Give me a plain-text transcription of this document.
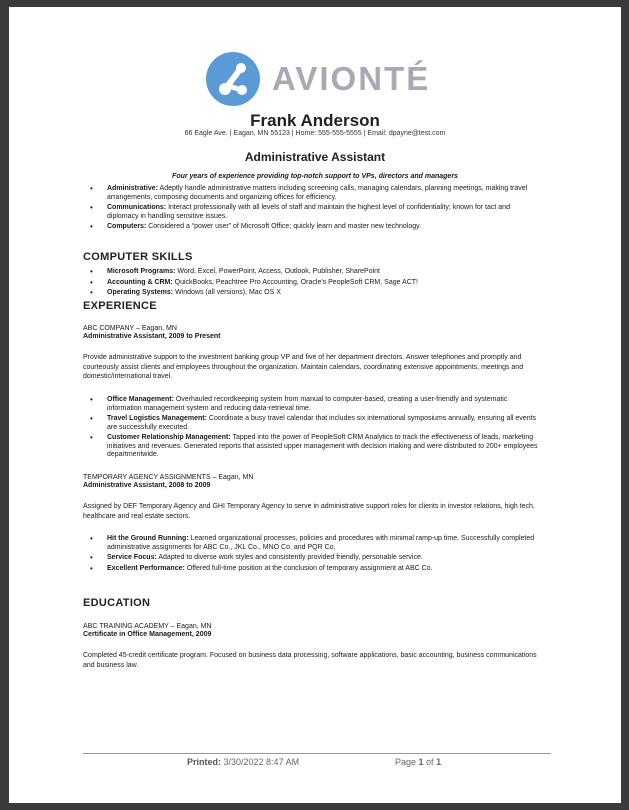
AVIONTÉ
Frank Anderson
66 Eagle Ave. | Eagan, MN 55123 | Home: 555-555-5555 | Email: dpayne@test.com
Administrative Assistant
Four years of experience providing top-notch support to VPs, directors and managers
• Administrative: Adeptly handle administrative matters including screening calls, managing calendars, planning meetings, making travel arrangements, composing documents and organizing offices for efficiency.
• Communications: Interact professionally with all levels of staff and maintain the highest level of confidentiality; known for tact and diplomacy in handling sensitive issues.
• Computers: Considered a “power user” of Microsoft Office; quickly learn and master new technology.
COMPUTER SKILLS
• Microsoft Programs: Word, Excel, PowerPoint, Access, Outlook, Publisher, SharePoint
• Accounting & CRM: QuickBooks, Peachtree Pro Accounting, Oracle's PeopleSoft CRM, Sage ACT!
• Operating Systems: Windows (all versions), Mac OS X
EXPERIENCE
ABC COMPANY – Eagan, MN
Administrative Assistant, 2009 to Present
Provide administrative support to the investment banking group VP and five of her department directors. Answer telephones and promptly and courteously assist clients and employees throughout the organization. Maintain calendars, coordinating extensive appointments, meetings and domestic/international travel.
• Office Management: Overhauled recordkeeping system from manual to computer-based, creating a user-friendly and systematic information management system and reducing data-retrieval time.
• Travel Logistics Management: Coordinate a busy travel calendar that includes six international symposiums annually, ensuring all events are successfully executed.
• Customer Relationship Management: Tapped into the power of PeopleSoft CRM Analytics to track the effectiveness of leads, marketing initiatives and revenues. Generated reports that assisted upper management with decision making and were distributed to 200+ employees departmentwide.
TEMPORARY AGENCY ASSIGNMENTS – Eagan, MN
Administrative Assistant, 2008 to 2009
Assigned by DEF Temporary Agency and GHI Temporary Agency to serve in administrative support roles for clients in investor relations, high tech, healthcare and real estate sectors.
• Hit the Ground Running: Learned organizational processes, policies and procedures with minimal ramp-up time. Successfully completed administrative assignments for ABC Co., JKL Co., MNO Co. and PQR Co.
• Service Focus: Adapted to diverse work styles and consistently provided friendly, personable service.
• Excellent Performance: Offered full-time position at the conclusion of temporary assignment at ABC Co.
EDUCATION
ABC TRAINING ACADEMY – Eagan, MN
Certificate in Office Management, 2009
Completed 45-credit certificate program. Focused on business data processing, software applications, basic accounting, business communications and business law.
Printed: 3/30/2022 8:47 AM	Page 1 of 1
